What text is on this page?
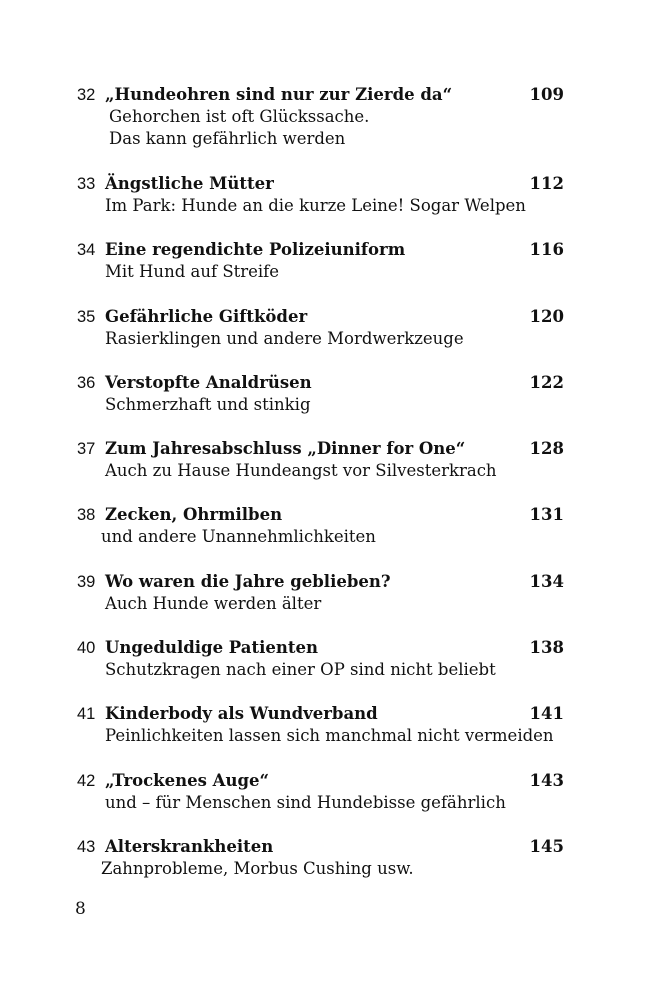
32 „Hundeohren sind nur zur Zierde da“	109
Gehorchen ist oft Glückssache.
Das kann gefährlich werden
33 Ängstliche Mütter	112
Im Park: Hunde an die kurze Leine! Sogar Welpen
34 Eine regendichte Polizeiuniform	116
Mit Hund auf Streife
35 Gefährliche Giftköder	120
Rasierklingen und andere Mordwerkzeuge
36 Verstopfte Analdrüsen	122
Schmerzhaft und stinkig
37 Zum Jahresabschluss „Dinner for One“	128
Auch zu Hause Hundeangst vor Silvesterkrach
38 Zecken, Ohrmilben	131
und andere Unannehmlichkeiten
39 Wo waren die Jahre geblieben?	134
Auch Hunde werden älter
40 Ungeduldige Patienten	138
Schutzkragen nach einer OP sind nicht beliebt
41 Kinderbody als Wundverband	141
Peinlichkeiten lassen sich manchmal nicht vermeiden
42 „Trockenes Auge“	143
und – für Menschen sind Hundebisse gefährlich
43 Alterskrankheiten	145
Zahnprobleme, Morbus Cushing usw.
8
